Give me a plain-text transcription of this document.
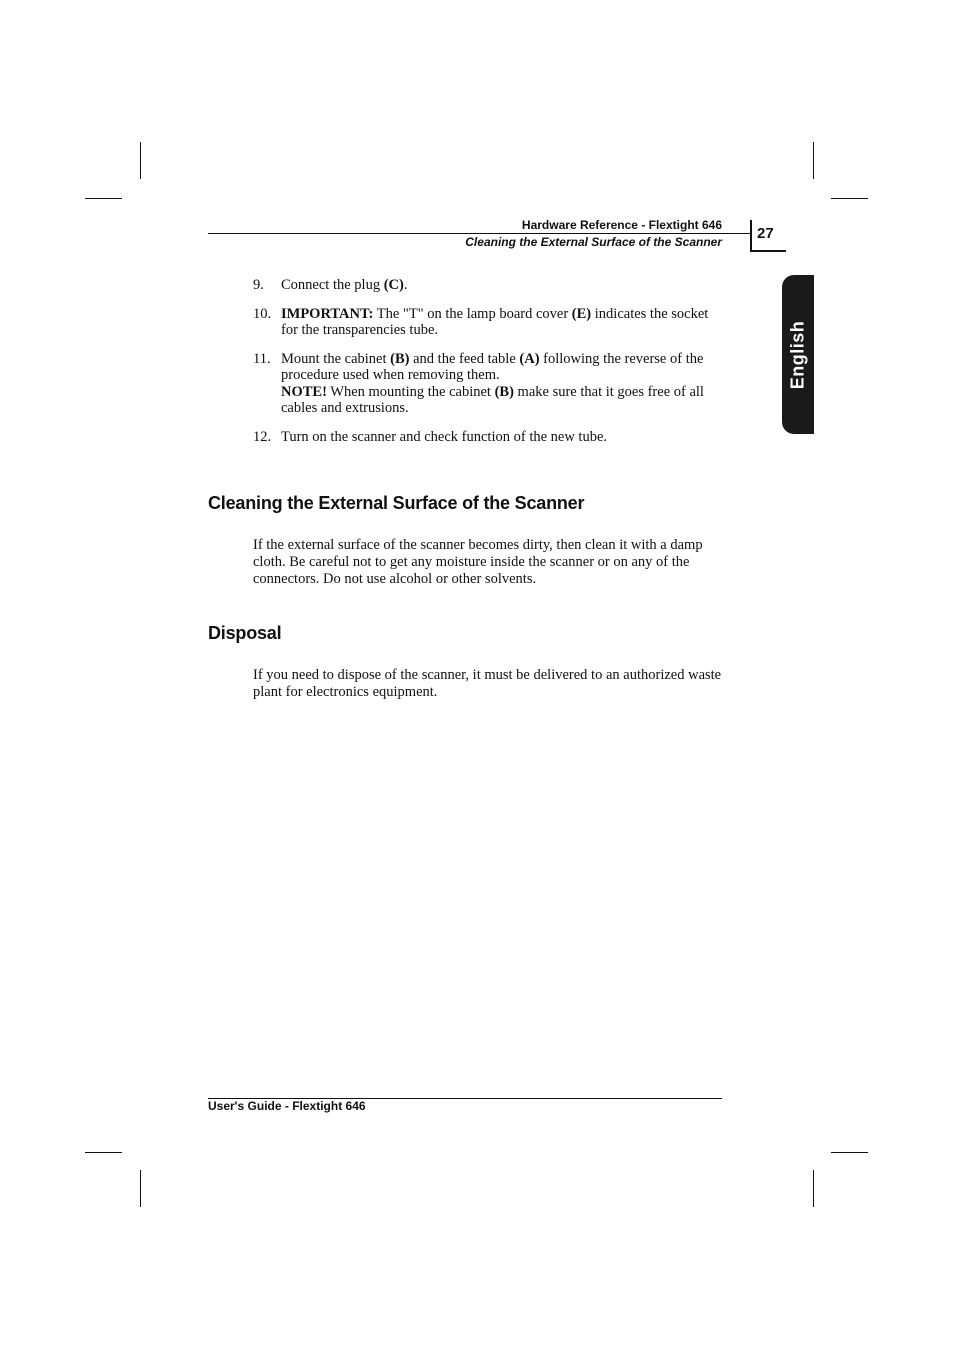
Hardware Reference - Flextight 646
Cleaning the External Surface of the Scanner 27
English
9. Connect the plug (C).
10. IMPORTANT: The "T" on the lamp board cover (E) indicates the socket for the transparencies tube.
11. Mount the cabinet (B) and the feed table (A) following the reverse of the procedure used when removing them.
NOTE! When mounting the cabinet (B) make sure that it goes free of all cables and extrusions.
12. Turn on the scanner and check function of the new tube.
Cleaning the External Surface of the Scanner
If the external surface of the scanner becomes dirty, then clean it with a damp cloth. Be careful not to get any moisture inside the scanner or on any of the connectors. Do not use alcohol or other solvents.
Disposal
If you need to dispose of the scanner, it must be delivered to an authorized waste plant for electronics equipment.
User's Guide - Flextight 646
